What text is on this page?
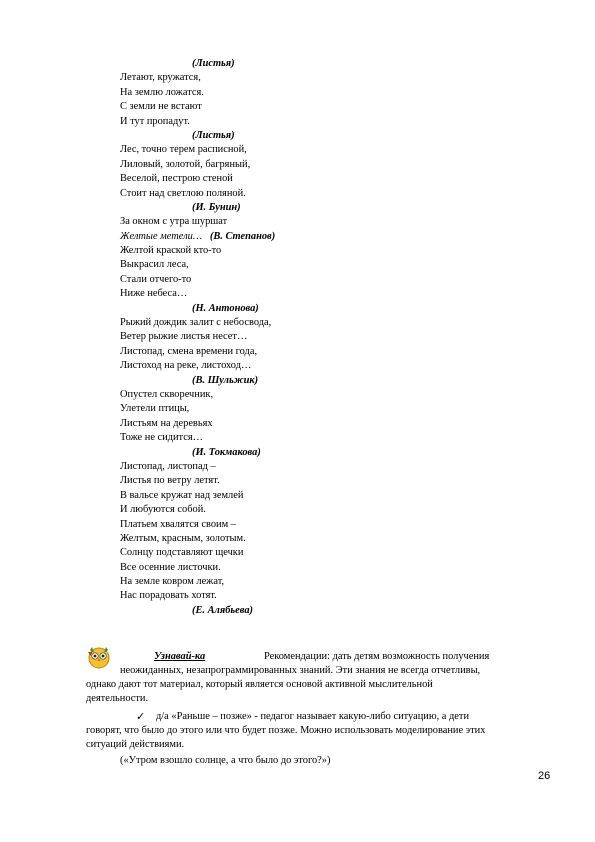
(Листья)
Летают, кружатся,
На землю ложатся.
С земли не встают
И тут пропадут.
(Листья)
Лес, точно терем расписной,
Лиловый, золотой, багряный,
Веселой, пестрою стеной
Стоит над светлою поляной.
(И. Бунин)
За окном с утра шуршат
Желтые метели… (В. Степанов)
Желтой краской кто-то
Выкрасил леса,
Стали отчего-то
Ниже небеса…
(Н. Антонова)
Рыжий дождик залит с небосвода,
Ветер рыжие листья несет…
Листопад, смена времени года,
Листоход на реке, листоход…
(В. Шульжик)
Опустел скворечник,
Улетели птицы,
Листьям на деревьях
Тоже не сидится…
(И. Токмакова)
Листопад, листопад –
Листья по ветру летят.
В вальсе кружат над землей
И любуются собой.
Платьем хвалятся своим –
Желтым, красным, золотым.
Солнцу подставляют щечки
Все осенние листочки.
На земле ковром лежат,
Нас порадовать хотят.
(Е. Алябьева)
Узнавай-ка	Рекомендации: дать детям возможность получения
неожиданных, незапрограммированных знаний. Эти знания не всегда отчетливы,
однако дают тот материал, который является основой активной мыслительной
деятельности.
✓ д/а «Раньше – позже» - педагог называет какую-либо ситуацию, а дети
говорят, что было до этого или что будет позже. Можно использовать моделирование этих
ситуаций действиями.
(«Утром взошло солнце, а что было до этого?»)
26
